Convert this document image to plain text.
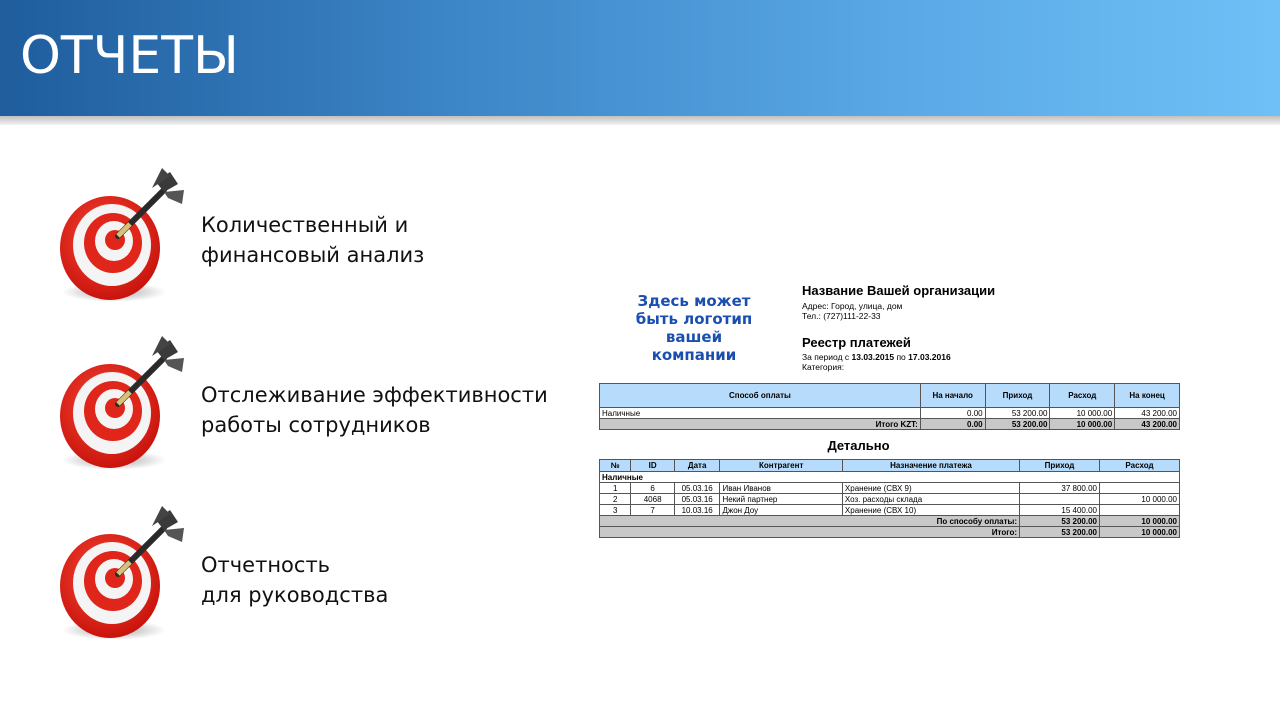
ОТЧЕТЫ
Количественный и
финансовый анализ
Отслеживание эффективности
работы сотрудников
Отчетность
для руководства
Здесь может
быть логотип
вашей
компании
Название Вашей организации
Адрес: Город, улица, дом
Тел.: (727)111-22-33
Реестр платежей
За период с 13.03.2015 по 17.03.2016
Категория:
Способ оплаты	На начало	Приход	Расход	На конец
Наличные	0.00	53 200.00	10 000.00	43 200.00
Итого KZT:	0.00	53 200.00	10 000.00	43 200.00
Детально
№	ID	Дата	Контрагент	Назначение платежа	Приход	Расход
Наличные						
1	6	05.03.16	Иван Иванов	Хранение (СВХ 9)	37 800.00	
2	4068	05.03.16	Некий партнер	Хоз. расходы склада		10 000.00
3	7	10.03.16	Джон Доу	Хранение (СВХ 10)	15 400.00	
По способу оплаты:					53 200.00	10 000.00
Итого:					53 200.00	10 000.00
